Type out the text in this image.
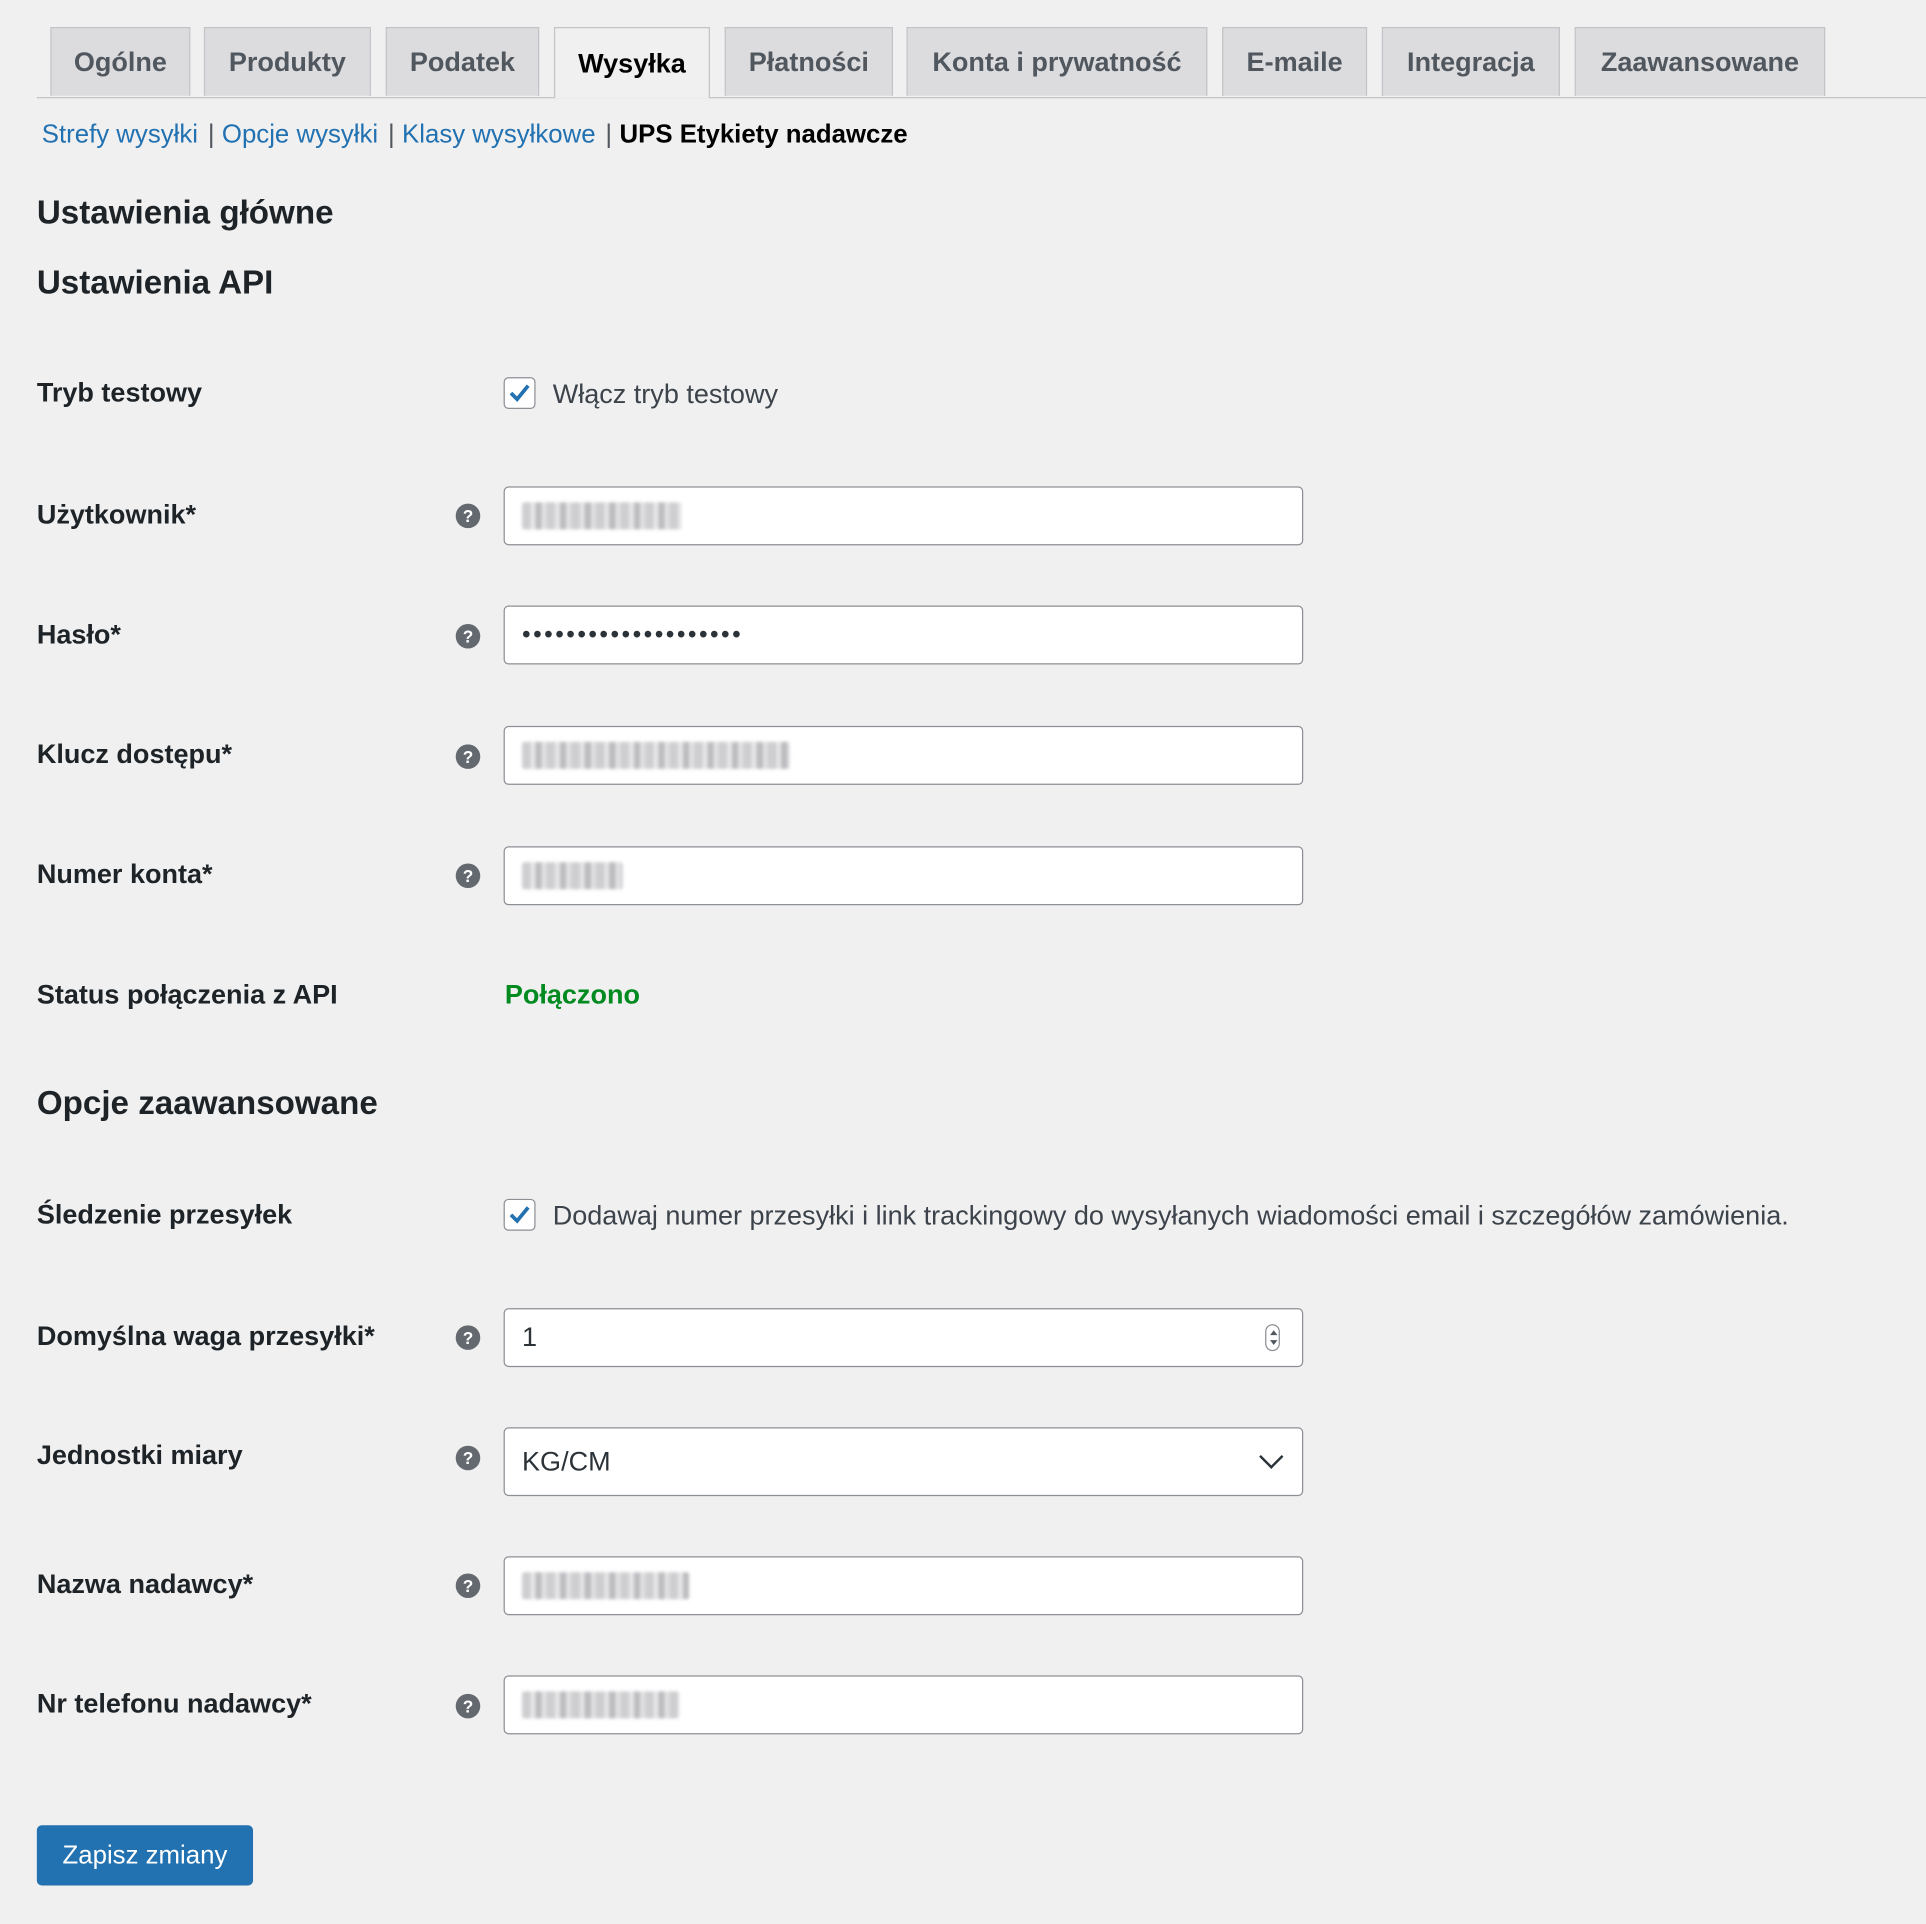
Ogólne	Produkty	Podatek	Wysyłka	Płatności	Konta i prywatność	E-maile	Integracja	Zaawansowane
Strefy wysyłki | Opcje wysyłki | Klasy wysyłkowe | UPS Etykiety nadawcze
Ustawienia główne
Ustawienia API
Tryb testowy	Włącz tryb testowy
Użytkownik*	?
Hasło*	?	••••••••••••••••••••
Klucz dostępu*	?
Numer konta*	?
Status połączenia z API	Połączono
Opcje zaawansowane
Śledzenie przesyłek	Dodawaj numer przesyłki i link trackingowy do wysyłanych wiadomości email i szczegółów zamówienia.
Domyślna waga przesyłki*	?	1
Jednostki miary	?	KG/CM
Nazwa nadawcy*	?
Nr telefonu nadawcy*	?
Zapisz zmiany
